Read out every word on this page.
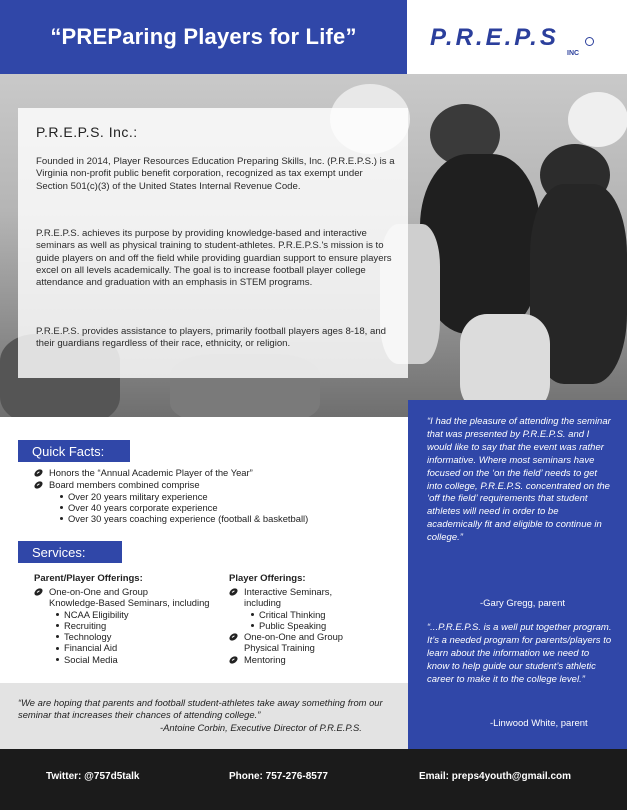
“PREParing Players for Life”	P.R.E.P.S
INC
P.R.E.P.S. Inc.:

Founded in 2014, Player Resources Education Preparing Skills, Inc. (P.R.E.P.S.) is a Virginia non-profit public benefit corporation, recognized as tax exempt under Section 501(c)(3) of the United States Internal Revenue Code.

P.R.E.P.S. achieves its purpose by providing knowledge-based and interactive seminars as well as physical training to student-athletes. P.R.E.P.S.'s mission is to guide players on and off the field while providing guardian support to ensure players excel on all levels academically. The goal is to increase football player college attendance and graduation with an emphasis in STEM programs.

P.R.E.P.S. provides assistance to players, primarily football players ages 8-18, and their guardians regardless of their race, ethnicity, or religion.

Quick Facts:
Honors the “Annual Academic Player of the Year”
Board members combined comprise
Over 20 years military experience
Over 40 years corporate experience
Over 30 years coaching experience (football & basketball)
Services:
Parent/Player Offerings:
One-on-One and Group
Knowledge-Based Seminars, including
NCAA Eligibility
Recruiting
Technology
Financial Aid
Social Media
Player Offerings:
Interactive Seminars,
including
Critical Thinking
Public Speaking
One-on-One and Group
Physical Training
Mentoring
“We are hoping that parents and football student-athletes take away something from our seminar that increases their chances of attending college.”
-Antoine Corbin, Executive Director of P.R.E.P.S.
“I had the pleasure of attending the seminar that was presented by P.R.E.P.S. and I would like to say that the event was rather informative. Where most seminars have focused on the ‘on the field’ needs to get into college, P.R.E.P.S. concentrated on the ‘off the field’ requirements that student athletes will need in order to be academically fit and eligible to continue in college.”
-Gary Gregg, parent
“...P.R.E.P.S. is a well put together program. It’s a needed program for parents/players to learn about the information we need to know to help guide our student’s athletic career to make it to the college level.”
-Linwood White, parent
Twitter: @757d5talk	Phone: 757-276-8577	Email: preps4youth@gmail.com
